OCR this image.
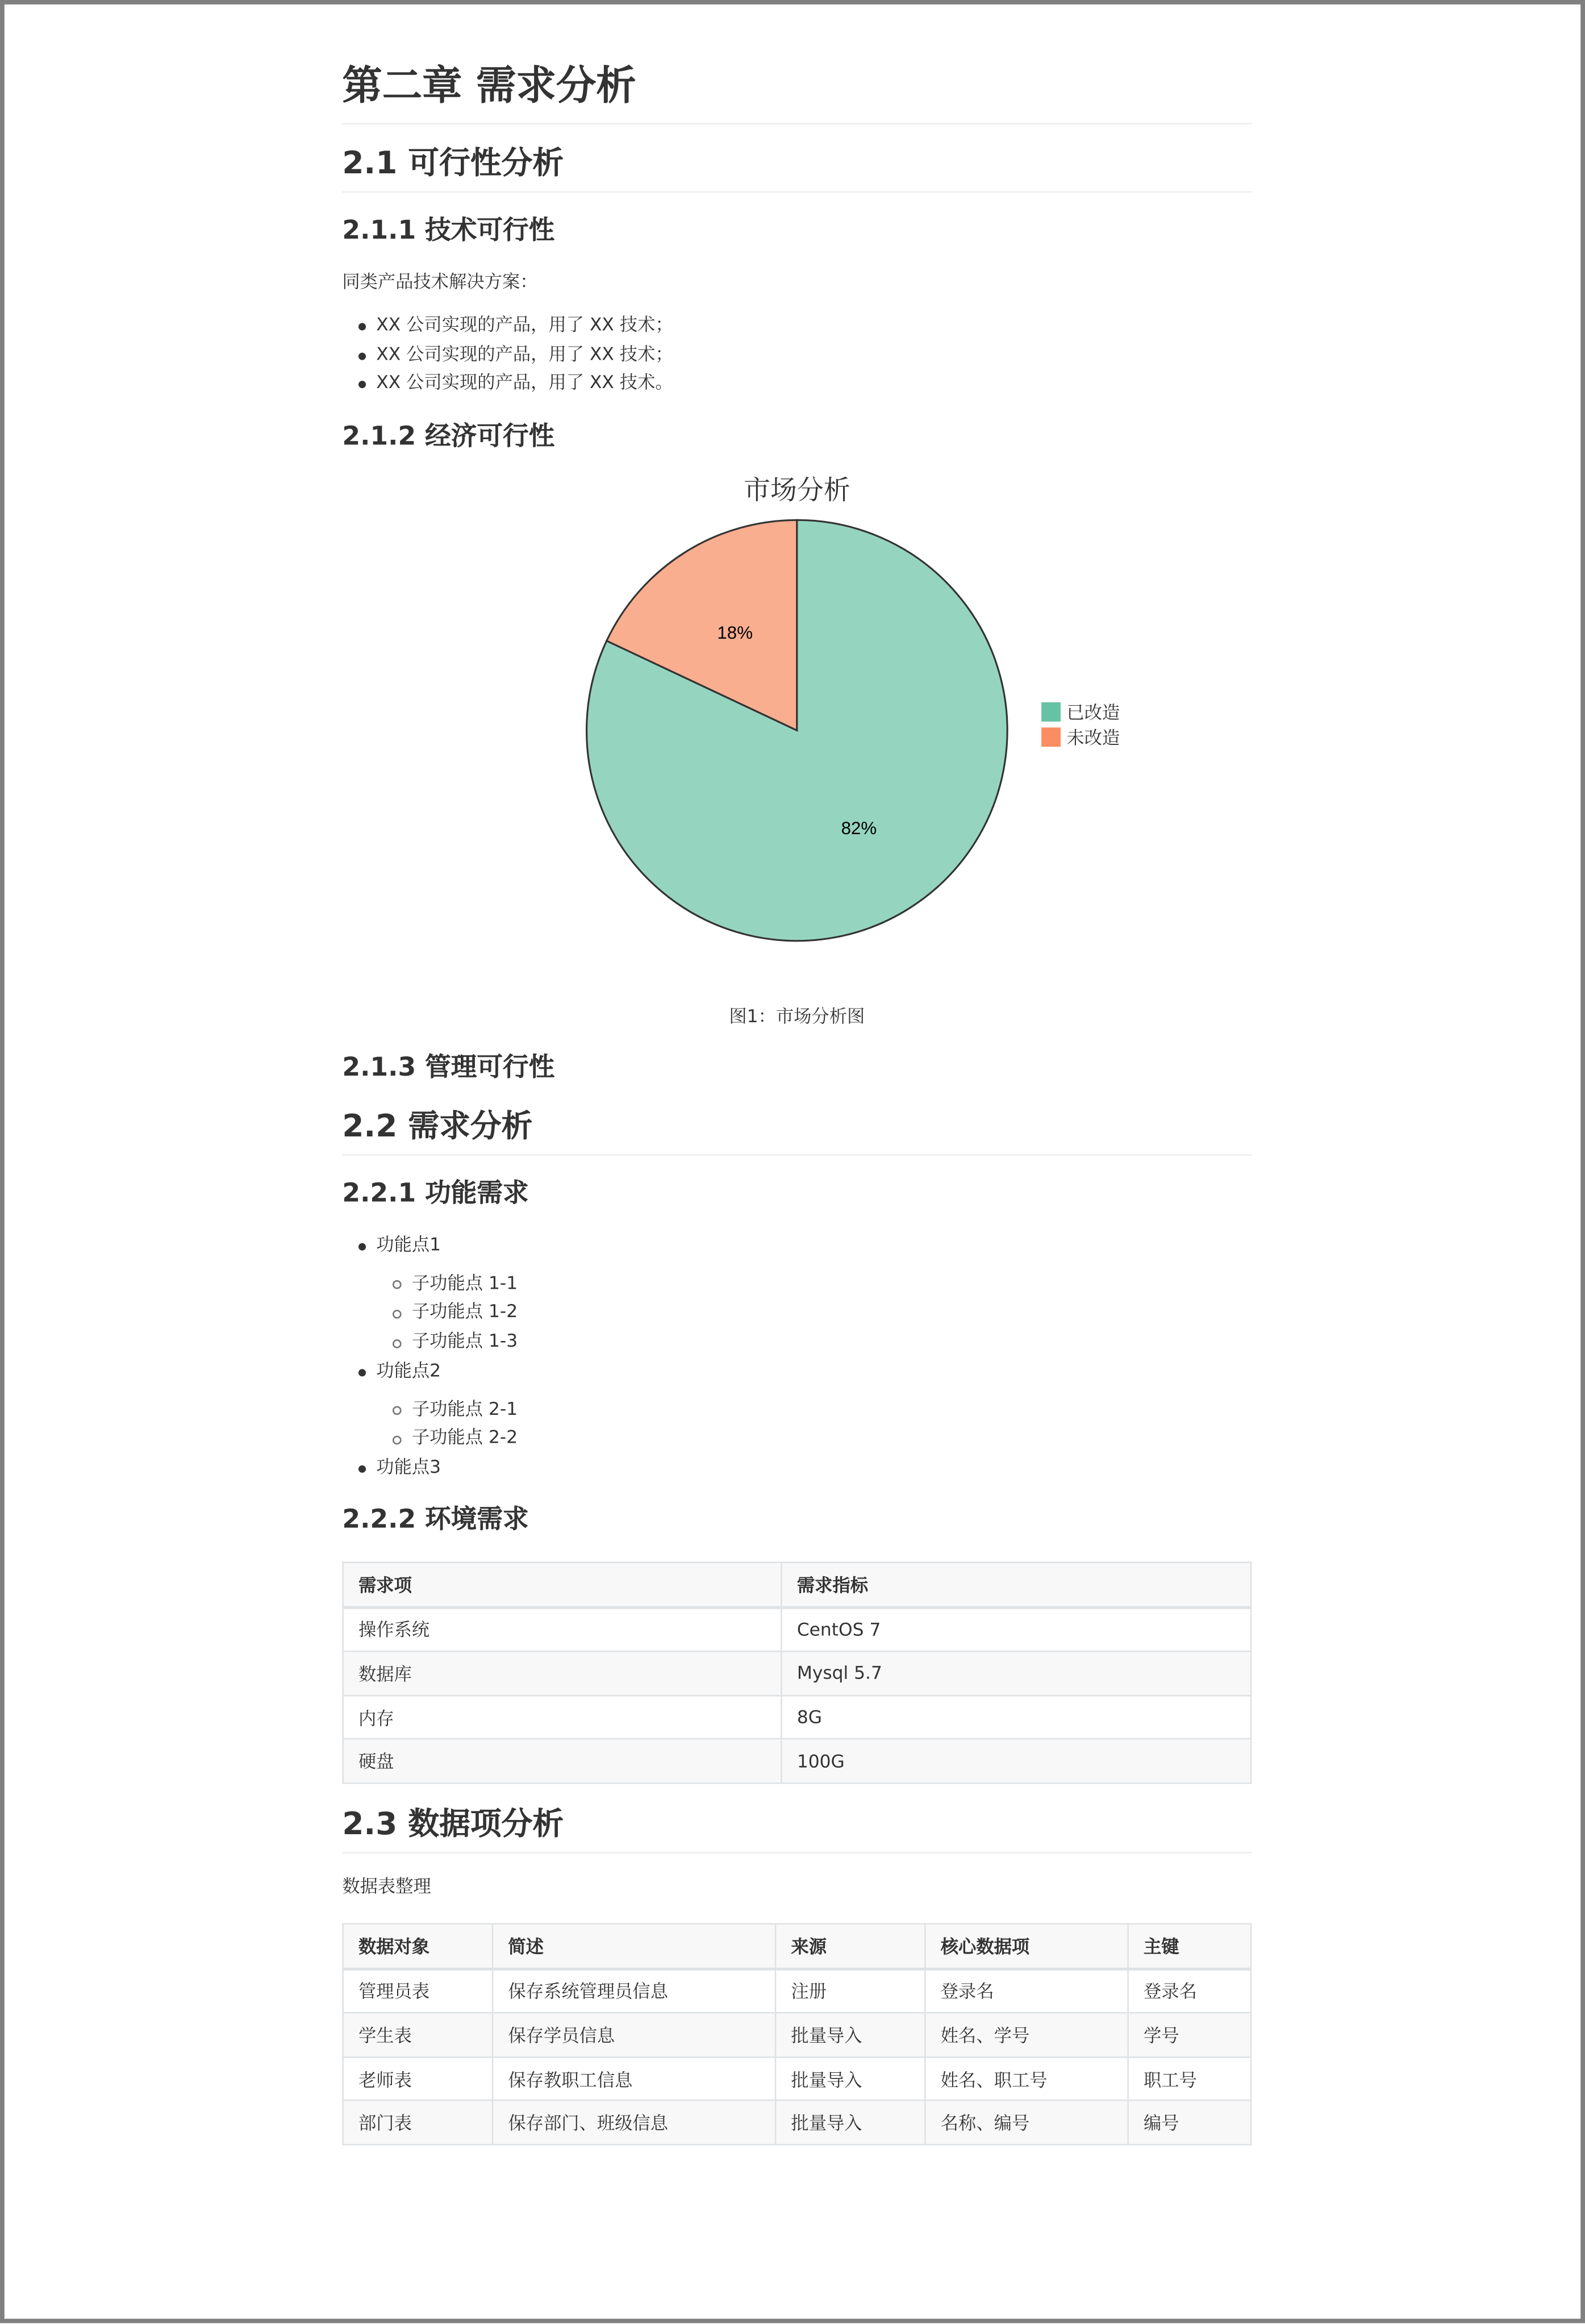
第二章 需求分析
2.1 可行性分析
2.1.1 技术可行性

同类产品技术解决方案：

XX 公司实现的产品，用了 XX 技术；
XX 公司实现的产品，用了 XX 技术；
XX 公司实现的产品，用了 XX 技术。
2.1.2 经济可行性
市场分析
18%
82%
已改造
未改造
图1：市场分析图
2.1.3 管理可行性
2.2 需求分析
2.2.1 功能需求
功能点1
子功能点 1-1
子功能点 1-2
子功能点 1-3
功能点2
子功能点 2-1
子功能点 2-2
功能点3
2.2.2 环境需求
需求项	需求指标
操作系统	CentOS 7
数据库	Mysql 5.7
内存	8G
硬盘	100G
2.3 数据项分析

数据表整理

数据对象	简述	来源	核心数据项	主键
管理员表	保存系统管理员信息	注册	登录名	登录名
学生表	保存学员信息	批量导入	姓名、学号	学号
老师表	保存教职工信息	批量导入	姓名、职工号	职工号
部门表	保存部门、班级信息	批量导入	名称、编号	编号
